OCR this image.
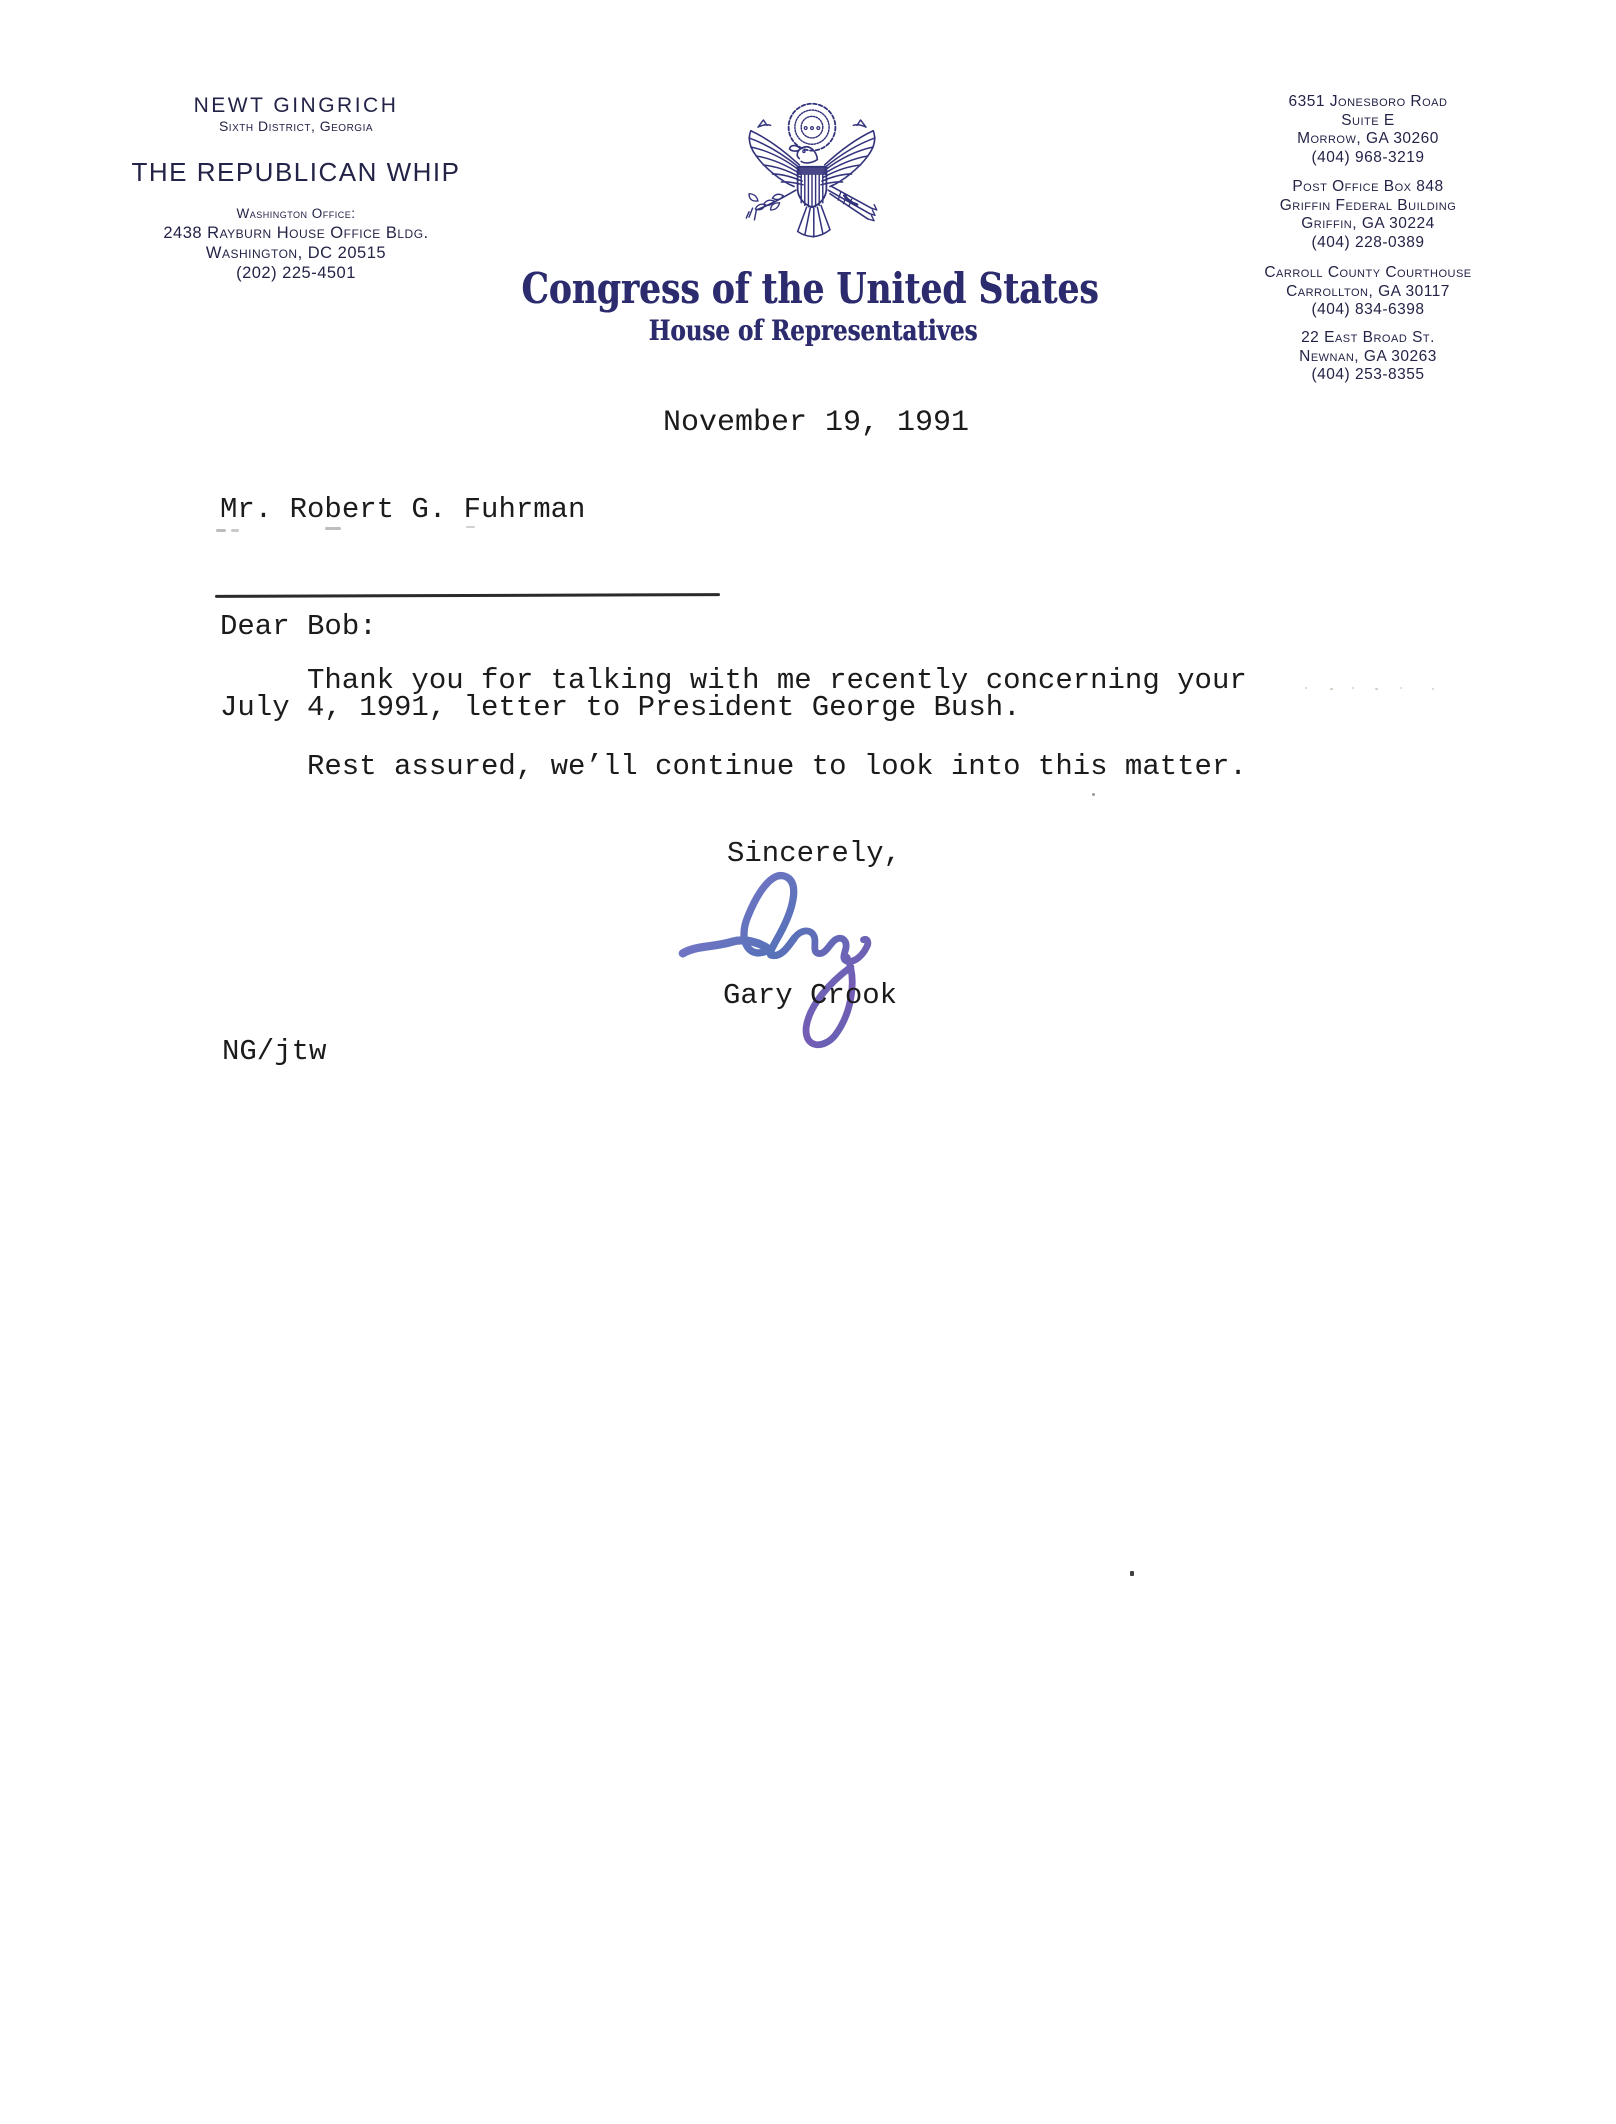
NEWT GINGRICH
Sixth District, Georgia
THE REPUBLICAN WHIP
Washington Office:
2438 Rayburn House Office Bldg.
Washington, DC 20515
(202) 225-4501	Congress of the United States
House of Representatives
6351 Jonesboro Road
Suite E
Morrow, GA 30260
(404) 968-3219
Post Office Box 848
Griffin Federal Building
Griffin, GA 30224
(404) 228-0389
Carroll County Courthouse
Carrollton, GA 30117
(404) 834-6398
22 East Broad St.
Newnan, GA 30263
(404) 253-8355
November 19, 1991
Mr. Robert G. Fuhrman
Dear Bob:
Thank you for talking with me recently concerning your
July 4, 1991, letter to President George Bush.
Rest assured, we’ll continue to look into this matter.
Sincerely,
Gary Crook
NG/jtw
